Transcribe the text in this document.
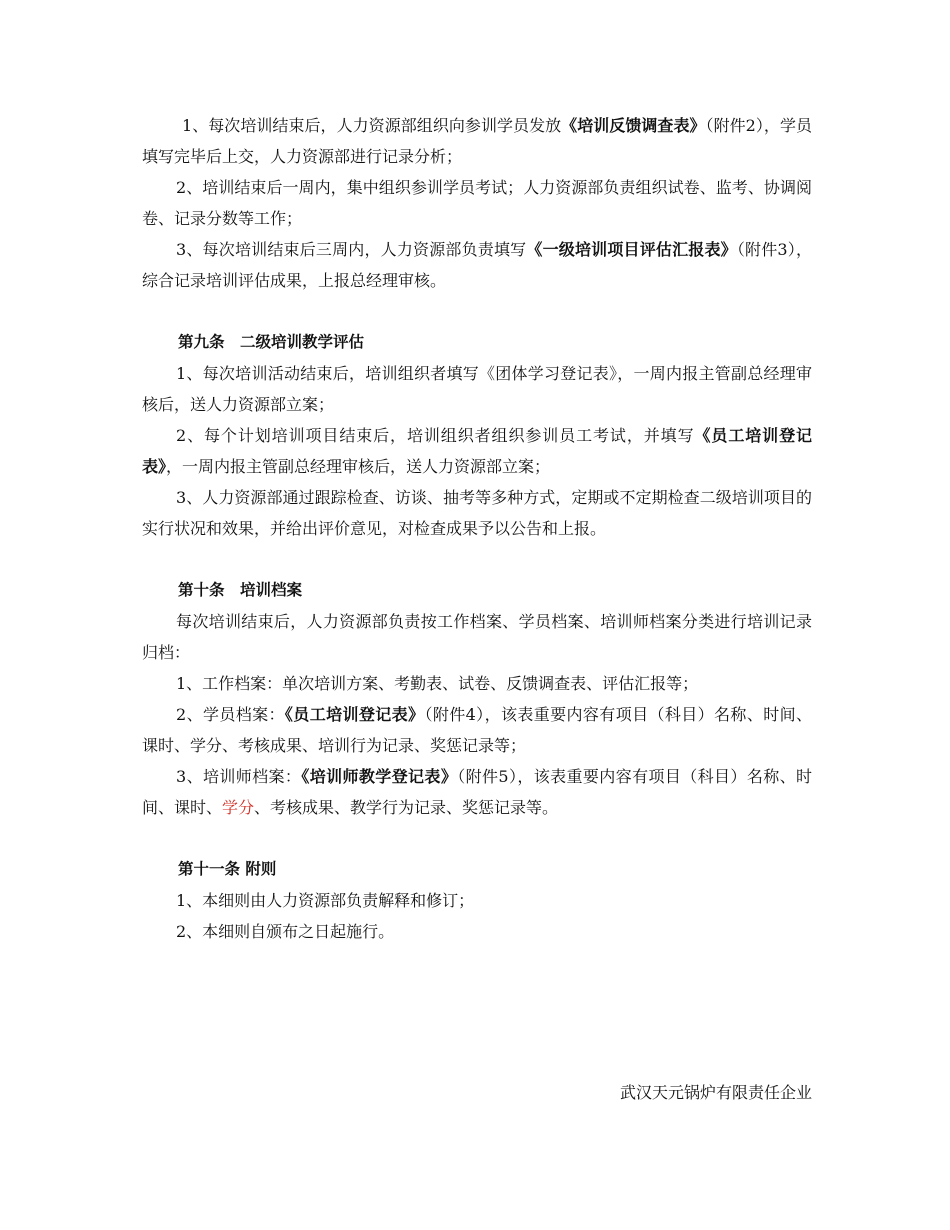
1、每次培训结束后，人力资源部组织向参训学员发放《培训反馈调查表》（附件2），学员填写完毕后上交，人力资源部进行记录分析；

2、培训结束后一周内，集中组织参训学员考试；人力资源部负责组织试卷、监考、协调阅卷、记录分数等工作；

3、每次培训结束后三周内，人力资源部负责填写《一级培训项目评估汇报表》（附件3），综合记录培训评估成果，上报总经理审核。

第九条　二级培训教学评估

1、每次培训活动结束后，培训组织者填写《团体学习登记表》，一周内报主管副总经理审核后，送人力资源部立案；

2、每个计划培训项目结束后，培训组织者组织参训员工考试，并填写《员工培训登记表》，一周内报主管副总经理审核后，送人力资源部立案；

3、人力资源部通过跟踪检查、访谈、抽考等多种方式，定期或不定期检查二级培训项目的实行状况和效果，并给出评价意见，对检查成果予以公告和上报。

第十条　培训档案

每次培训结束后，人力资源部负责按工作档案、学员档案、培训师档案分类进行培训记录归档：

1、工作档案：单次培训方案、考勤表、试卷、反馈调查表、评估汇报等；

2、学员档案：《员工培训登记表》（附件4），该表重要内容有项目（科目）名称、时间、课时、学分、考核成果、培训行为记录、奖惩记录等；

3、培训师档案：《培训师教学登记表》（附件5），该表重要内容有项目（科目）名称、时间、课时、学分、考核成果、教学行为记录、奖惩记录等。

第十一条 附则

1、本细则由人力资源部负责解释和修订；

2、本细则自颁布之日起施行。

武汉天元锅炉有限责任企业
